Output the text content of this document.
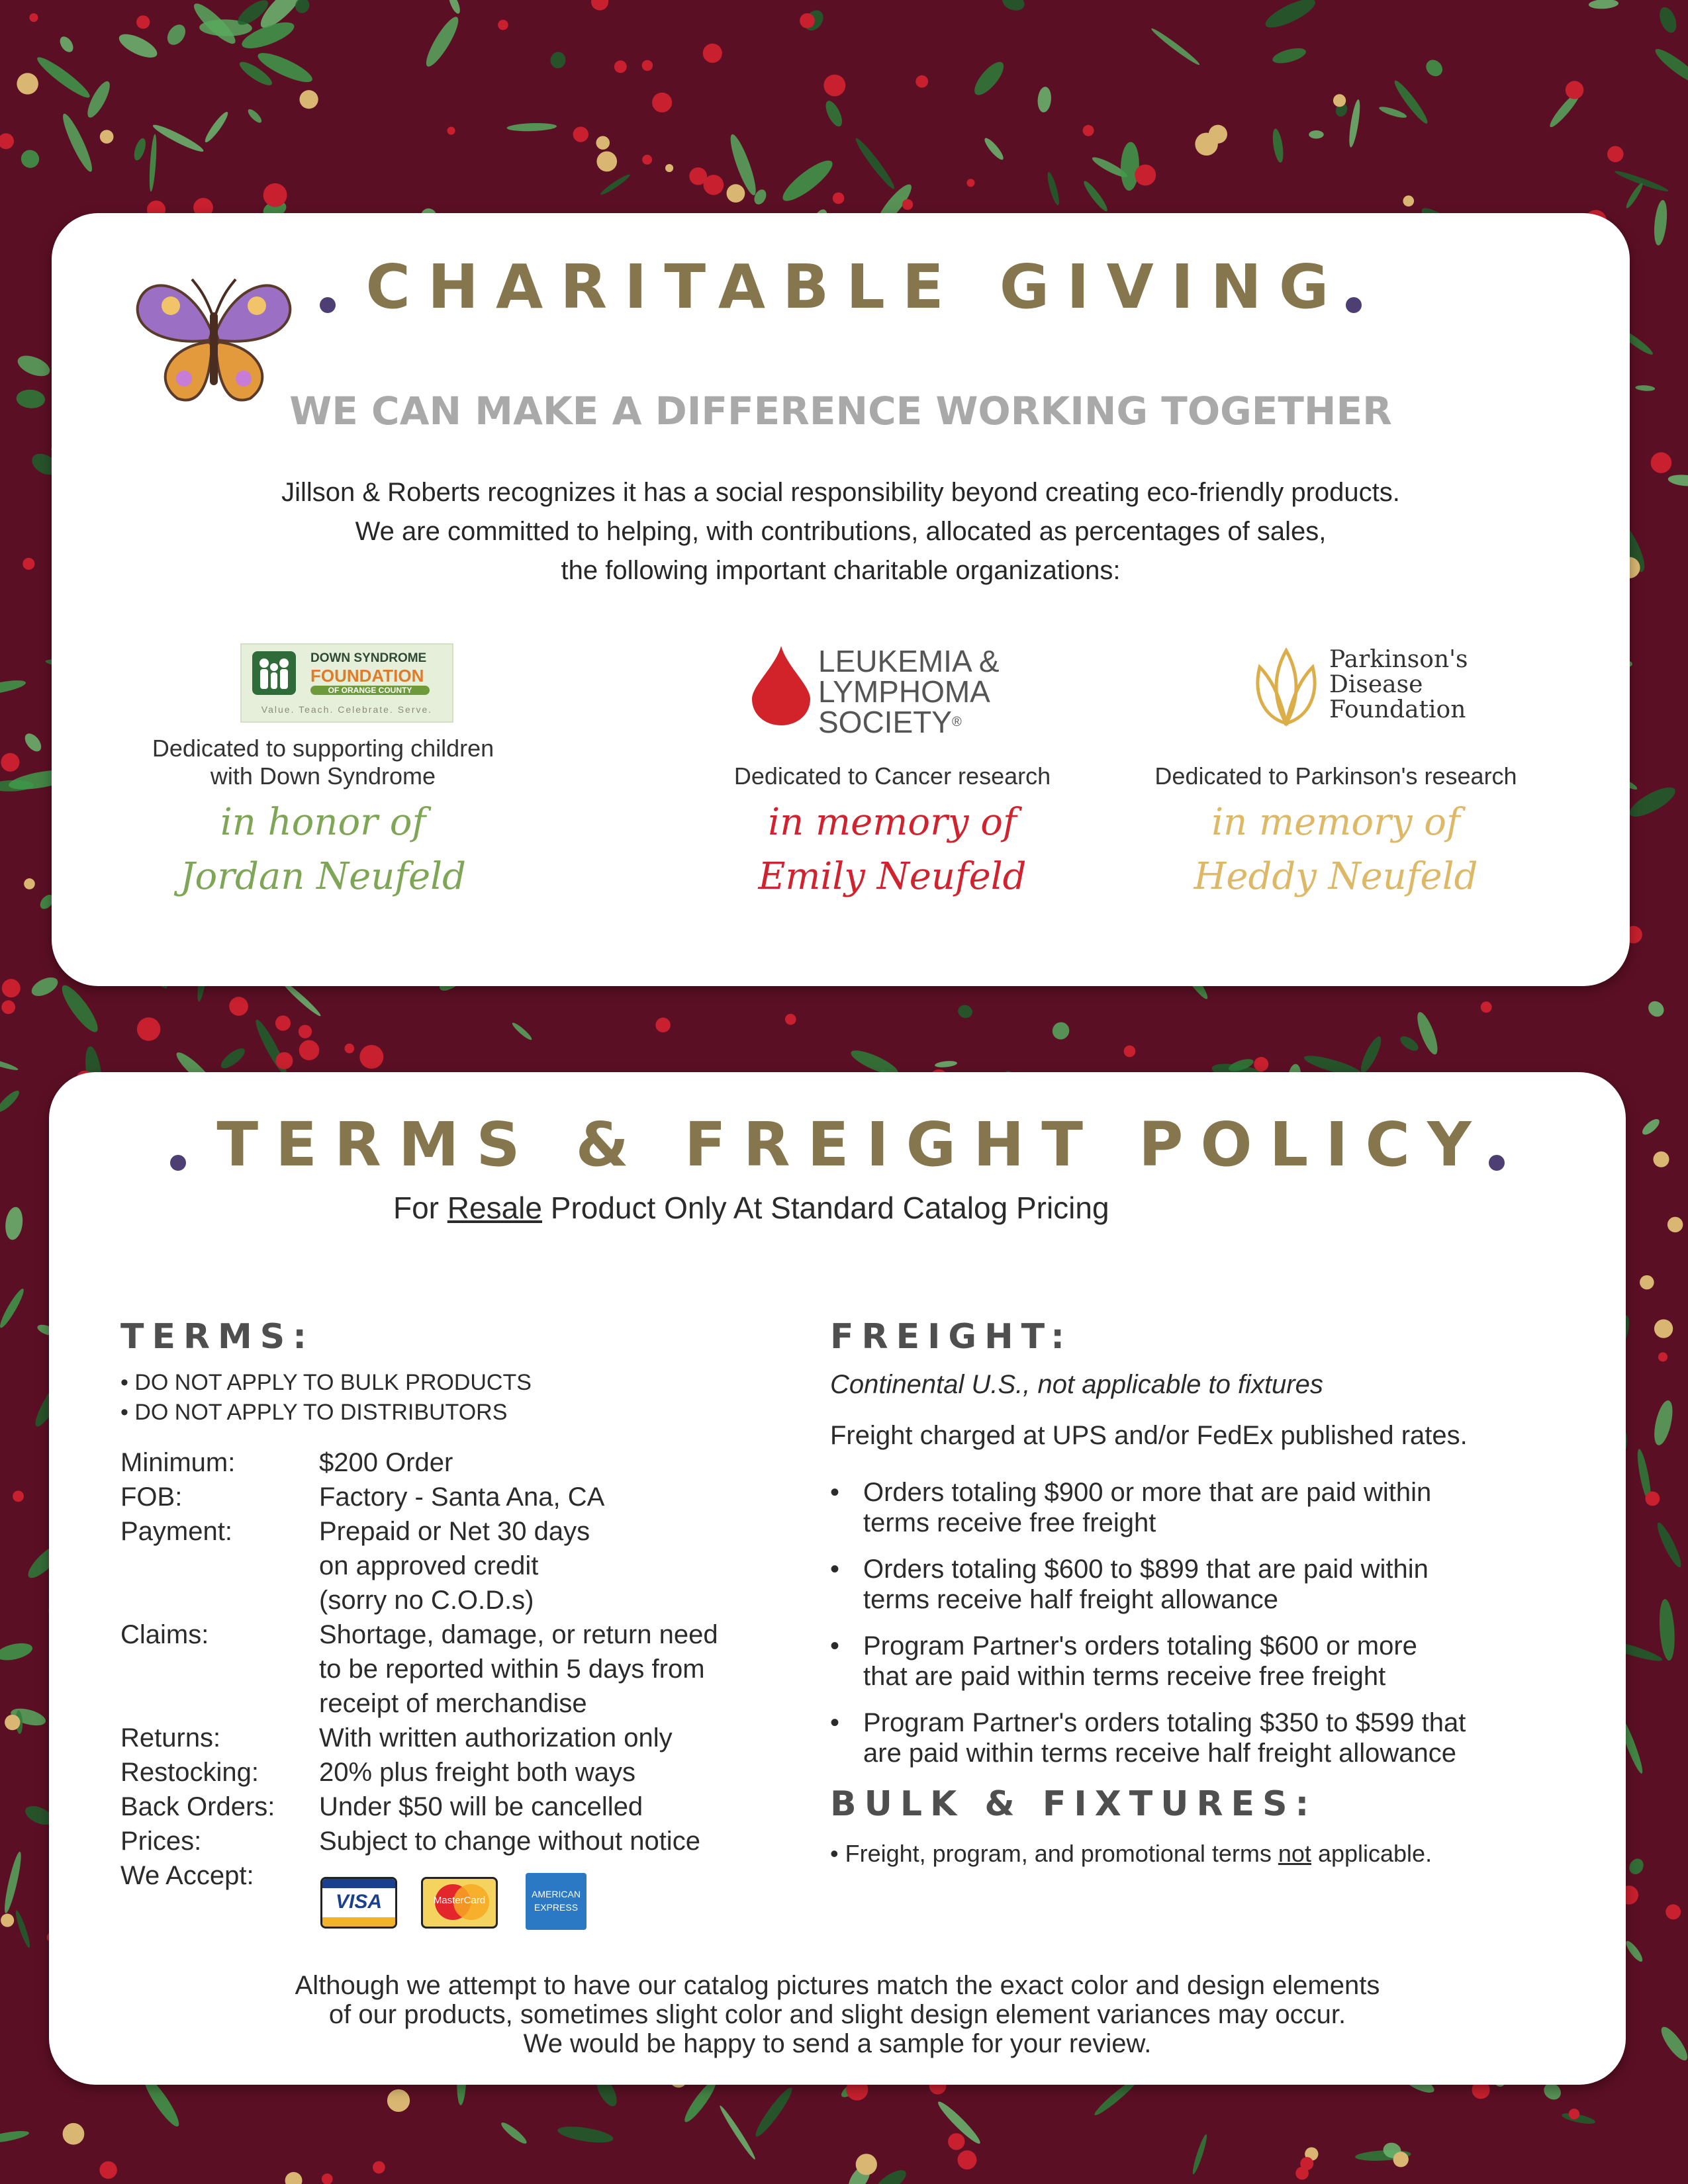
CHARITABLE GIVING
WE CAN MAKE A DIFFERENCE WORKING TOGETHER
Jillson & Roberts recognizes it has a social responsibility beyond creating eco-friendly products.
We are committed to helping, with contributions, allocated as percentages of sales,
the following important charitable organizations:
DOWN SYNDROME
FOUNDATION
OF ORANGE COUNTY
Value. Teach. Celebrate. Serve.
Dedicated to supporting children
with Down Syndrome
in honor of
Jordan Neufeld
LEUKEMIA &
LYMPHOMA
SOCIETY®
Dedicated to Cancer research
in memory of
Emily Neufeld
Parkinson's
Disease
Foundation
Dedicated to Parkinson's research
in memory of
Heddy Neufeld
TERMS & FREIGHT POLICY
For Resale Product Only At Standard Catalog Pricing
TERMS:
• DO NOT APPLY TO BULK PRODUCTS
• DO NOT APPLY TO DISTRIBUTORS
Minimum:	$200 Order

FOB:	Factory - Santa Ana, CA

Payment:	Prepaid or Net 30 days
on approved credit
(sorry no C.O.D.s)

Claims:	Shortage, damage, or return need
to be reported within 5 days from
receipt of merchandise

Returns:	With written authorization only

Restocking:	20% plus freight both ways

Back Orders:	Under $50 will be cancelled

Prices:	Subject to change without notice

We Accept:	
VISA	MasterCard
AMERICAN
EXPRESS
FREIGHT:
Continental U.S., not applicable to fixtures
Freight charged at UPS and/or FedEx published rates.
• Orders totaling $900 or more that are paid within
terms receive free freight
• Orders totaling $600 to $899 that are paid within
terms receive half freight allowance
• Program Partner's orders totaling $600 or more
that are paid within terms receive free freight
• Program Partner's orders totaling $350 to $599 that
are paid within terms receive half freight allowance
BULK & FIXTURES:
• Freight, program, and promotional terms not applicable.
Although we attempt to have our catalog pictures match the exact color and design elements
of our products, sometimes slight color and slight design element variances may occur.
We would be happy to send a sample for your review.
